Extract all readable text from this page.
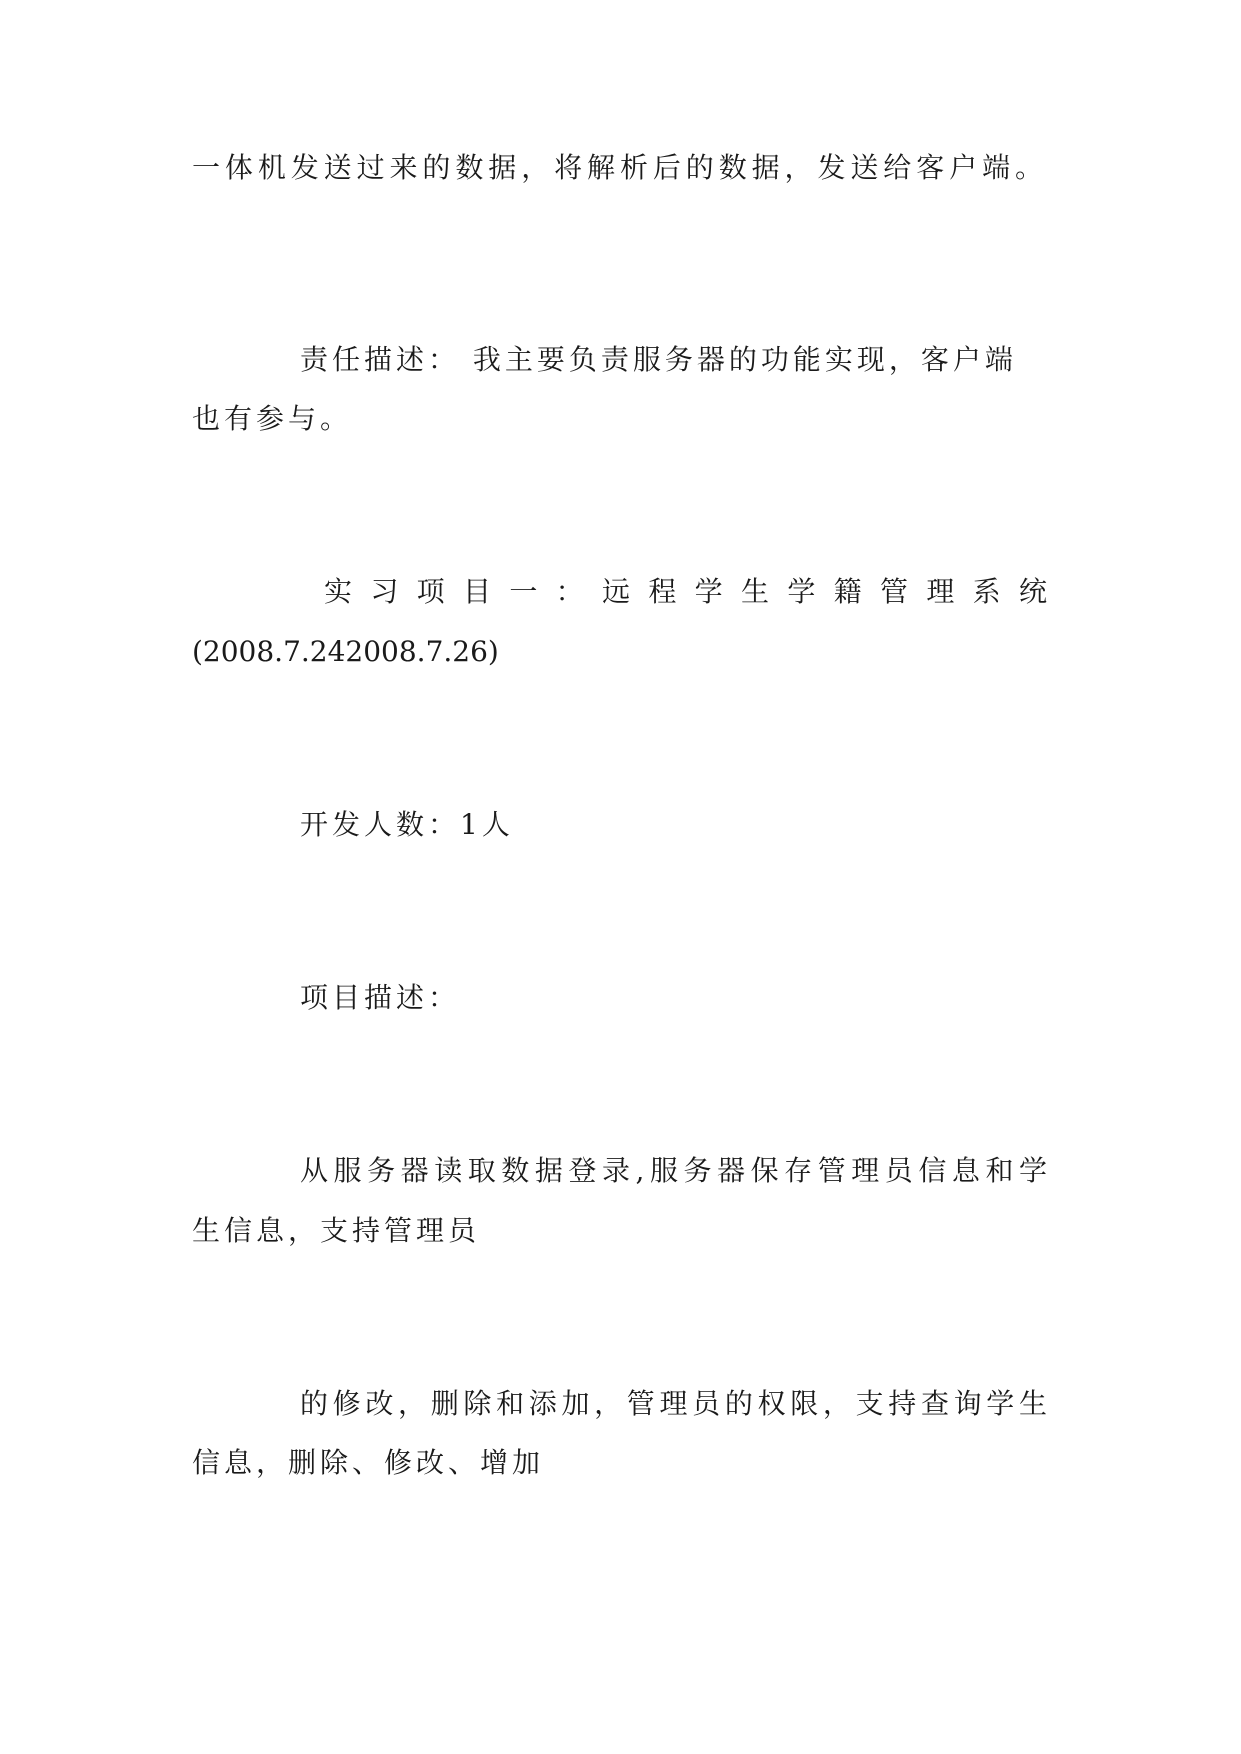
一体机发送过来的数据，将解析后的数据，发送给客户端。
责任描述： 我主要负责服务器的功能实现，客户端
也有参与。
实习项目一：远程学生学籍管理系统
(2008.7.242008.7.26)
开发人数：1人
项目描述：
从服务器读取数据登录,服务器保存管理员信息和学
生信息，支持管理员
的修改，删除和添加，管理员的权限，支持查询学生
信息，删除、修改、增加
